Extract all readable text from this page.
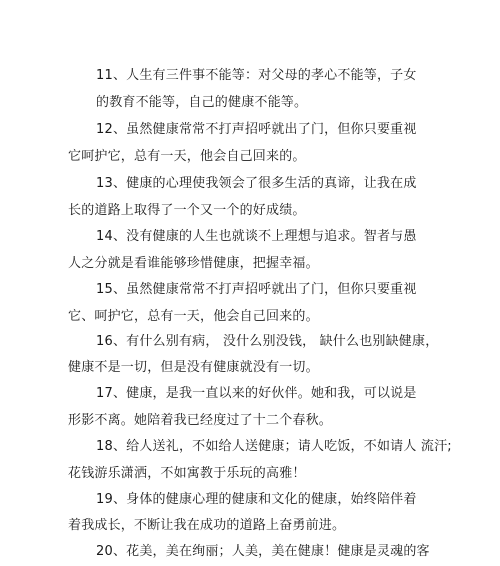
11、人生有三件事不能等：对父母的孝心不能等，子女
的教育不能等，自己的健康不能等。
12、虽然健康常常不打声招呼就出了门，但你只要重视
它呵护它，总有一天，他会自己回来的。
13、健康的心理使我领会了很多生活的真谛，让我在成
长的道路上取得了一个又一个的好成绩。
14、没有健康的人生也就谈不上理想与追求。智者与愚
人之分就是看谁能够珍惜健康，把握幸福。
15、虽然健康常常不打声招呼就出了门，但你只要重视
它、呵护它，总有一天，他会自己回来的。
16、有什么别有病， 没什么别没钱， 缺什么也别缺健康，
健康不是一切，但是没有健康就没有一切。
17、健康，是我一直以来的好伙伴。她和我，可以说是
形影不离。她陪着我已经度过了十二个春秋。
18、给人送礼，不如给人送健康；请人吃饭，不如请人 流汗;
花钱游乐潇洒，不如寓教于乐玩的高雅！
19、身体的健康心理的健康和文化的健康，始终陪伴着
着我成长，不断让我在成功的道路上奋勇前进。
20、花美，美在绚丽；人美，美在健康！健康是灵魂的客
